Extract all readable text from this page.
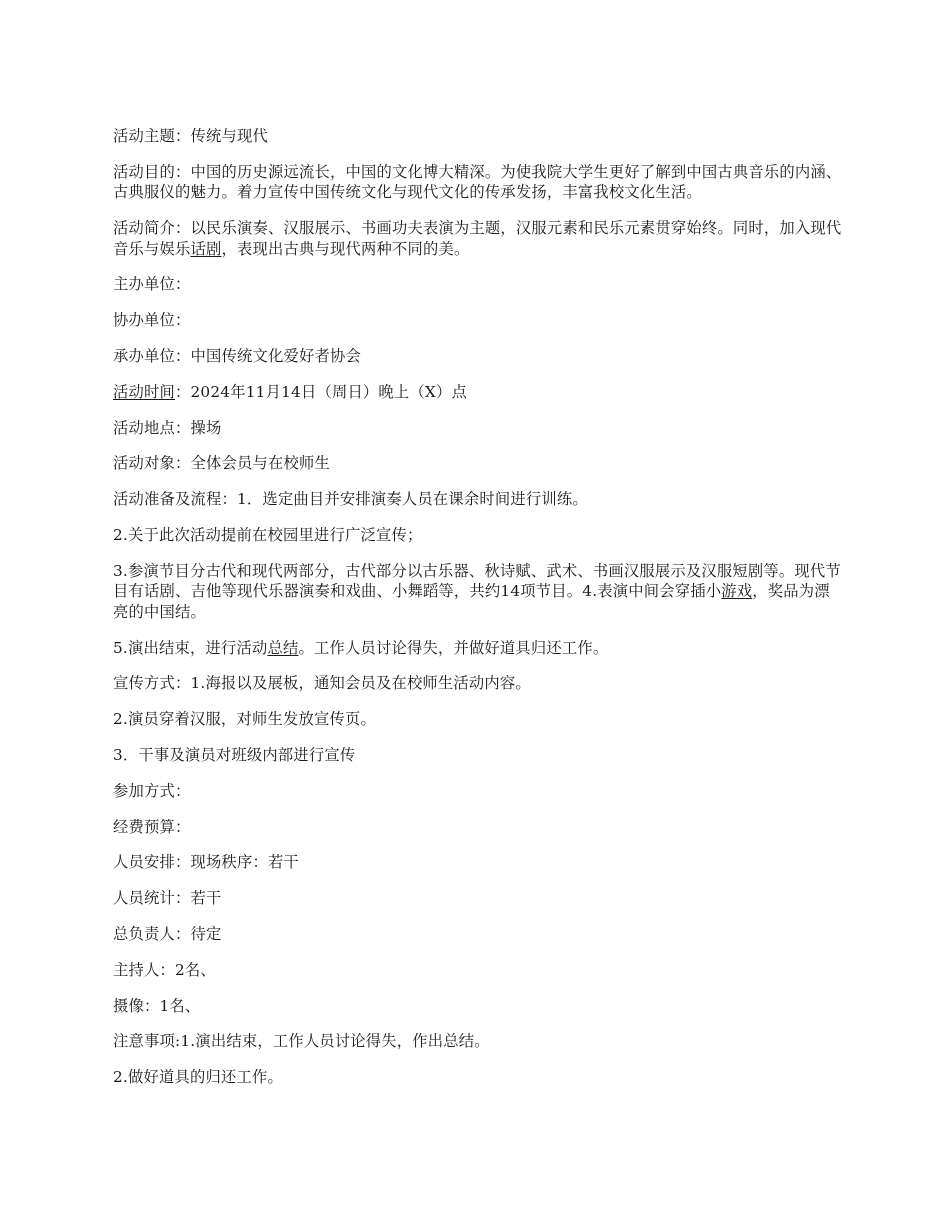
活动主题：传统与现代

活动目的：中国的历史源远流长，中国的文化博大精深。为使我院大学生更好了解到中国古典音乐的内涵、古典服仪的魅力。着力宣传中国传统文化与现代文化的传承发扬，丰富我校文化生活。

活动简介：以民乐演奏、汉服展示、书画功夫表演为主题，汉服元素和民乐元素贯穿始终。同时，加入现代音乐与娱乐话剧，表现出古典与现代两种不同的美。

主办单位：

协办单位：

承办单位：中国传统文化爱好者协会

活动时间：2024年11月14日（周日）晚上（X）点

活动地点：操场

活动对象：全体会员与在校师生

活动准备及流程：1．选定曲目并安排演奏人员在课余时间进行训练。

2.关于此次活动提前在校园里进行广泛宣传；

3.参演节目分古代和现代两部分，古代部分以古乐器、秋诗赋、武术、书画汉服展示及汉服短剧等。现代节目有话剧、吉他等现代乐器演奏和戏曲、小舞蹈等，共约14项节目。4.表演中间会穿插小游戏，奖品为漂亮的中国结。

5.演出结束，进行活动总结。工作人员讨论得失，并做好道具归还工作。

宣传方式：1.海报以及展板，通知会员及在校师生活动内容。

2.演员穿着汉服，对师生发放宣传页。

3．干事及演员对班级内部进行宣传

参加方式：

经费预算：

人员安排：现场秩序：若干

人员统计：若干

总负责人：待定

主持人：2名、

摄像：1名、

注意事项:1.演出结束，工作人员讨论得失，作出总结。

2.做好道具的归还工作。
